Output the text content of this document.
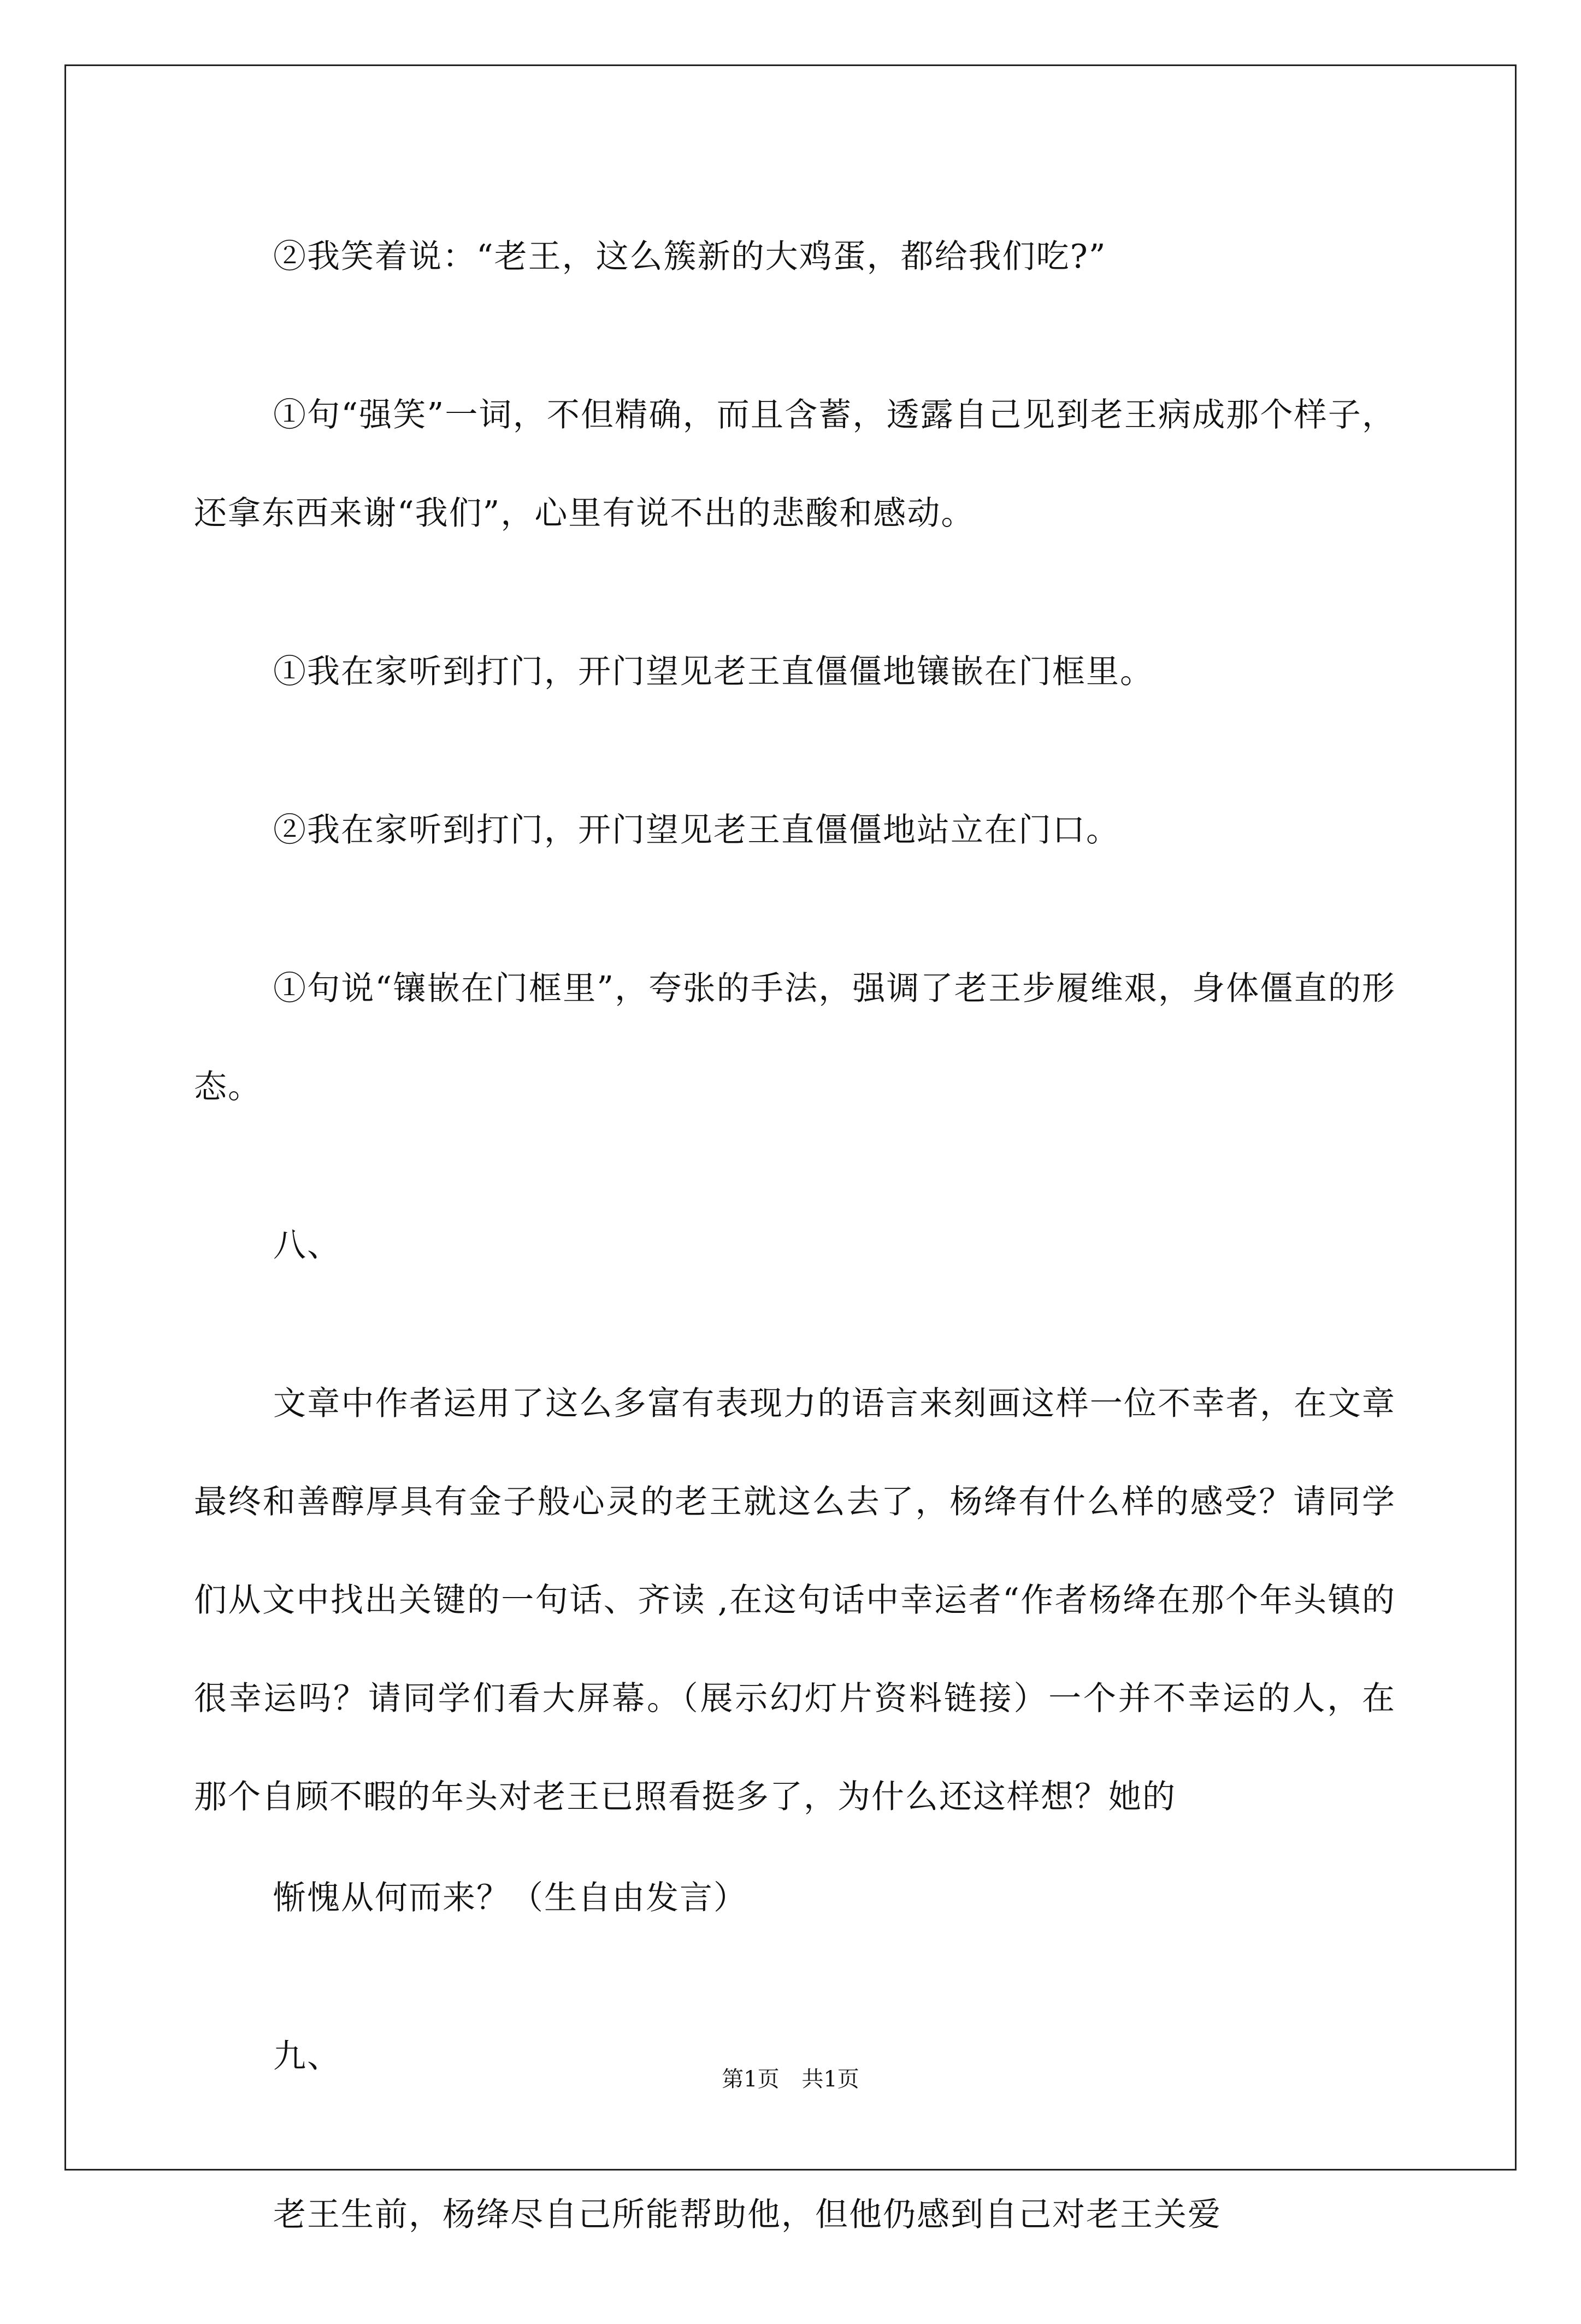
②我笑着说：“老王，这么簇新的大鸡蛋，都给我们吃?”

①句“强笑”一词，不但精确，而且含蓄，透露自己见到老王病成那个样子，还拿东西来谢“我们”，心里有说不出的悲酸和感动。

①我在家听到打门，开门望见老王直僵僵地镶嵌在门框里。

②我在家听到打门，开门望见老王直僵僵地站立在门口。

①句说“镶嵌在门框里”，夸张的手法，强调了老王步履维艰，身体僵直的形态。

八、

文章中作者运用了这么多富有表现力的语言来刻画这样一位不幸者，在文章最终和善醇厚具有金子般心灵的老王就这么去了，杨绛有什么样的感受？请同学们从文中找出关键的一句话、齐读 ,在这句话中幸运者“作者杨绛在那个年头镇的很幸运吗？请同学们看大屏幕。（展示幻灯片资料链接）一个并不幸运的人，在那个自顾不暇的年头对老王已照看挺多了，为什么还这样想？她的

惭愧从何而来？（生自由发言）

九、

老王生前，杨绛尽自己所能帮助他，但他仍感到自己对老王关爱

第1页 共1页
